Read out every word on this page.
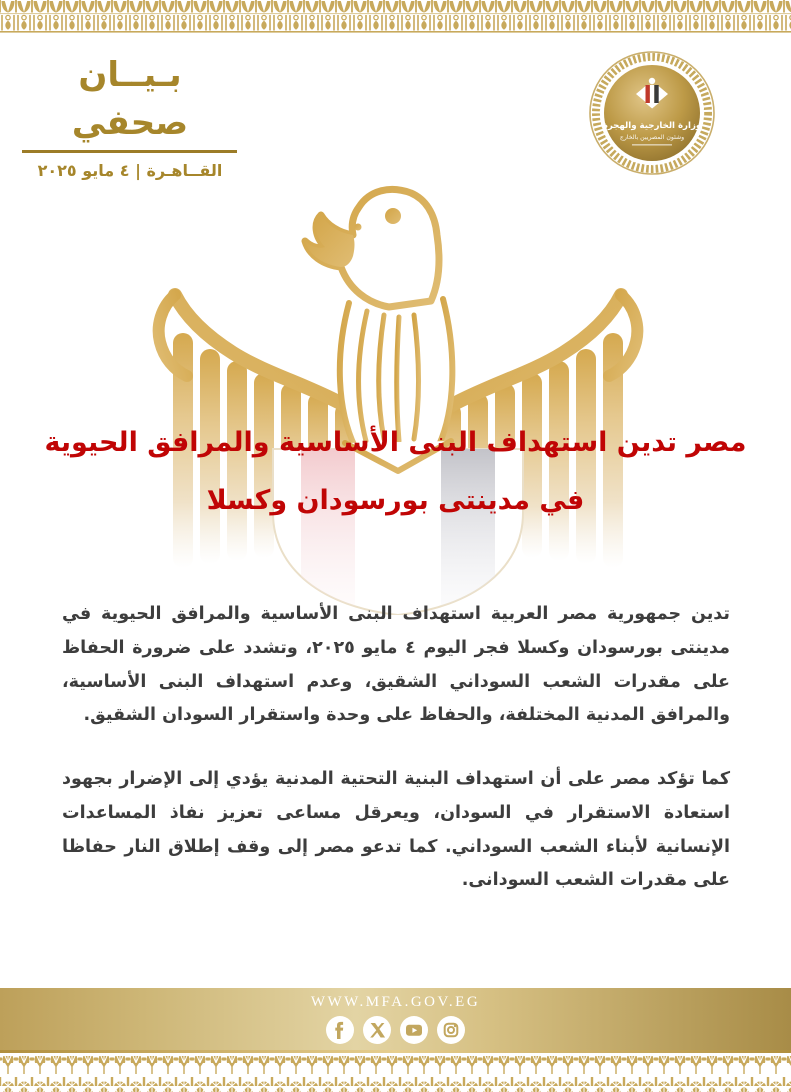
بـيــان صحفي
القــاهـرة | ٤ مايو ٢٠٢٥
وزارة الخارجية والهجرة
وشئون المصريين بالخارج
مصر تدين استهداف البنى الأساسية والمرافق الحيوية
في مدينتى بورسودان وكسلا

تدين جمهورية مصر العربية استهداف البنى الأساسية والمرافق الحيوية في مدينتى بورسودان وكسلا فجر اليوم ٤ مايو ٢٠٢٥، وتشدد على ضرورة الحفاظ على مقدرات الشعب السوداني الشقيق، وعدم استهداف البنى الأساسية، والمرافق المدنية المختلفة، والحفاظ على وحدة واستقرار السودان الشقيق.

كما تؤكد مصر على أن استهداف البنية التحتية المدنية يؤدي إلى الإضرار بجهود استعادة الاستقرار في السودان، ويعرقل مساعى تعزيز نفاذ المساعدات الإنسانية لأبناء الشعب السوداني. كما تدعو مصر إلى وقف إطلاق النار حفاظا على مقدرات الشعب السودانى.

WWW.MFA.GOV.EG
